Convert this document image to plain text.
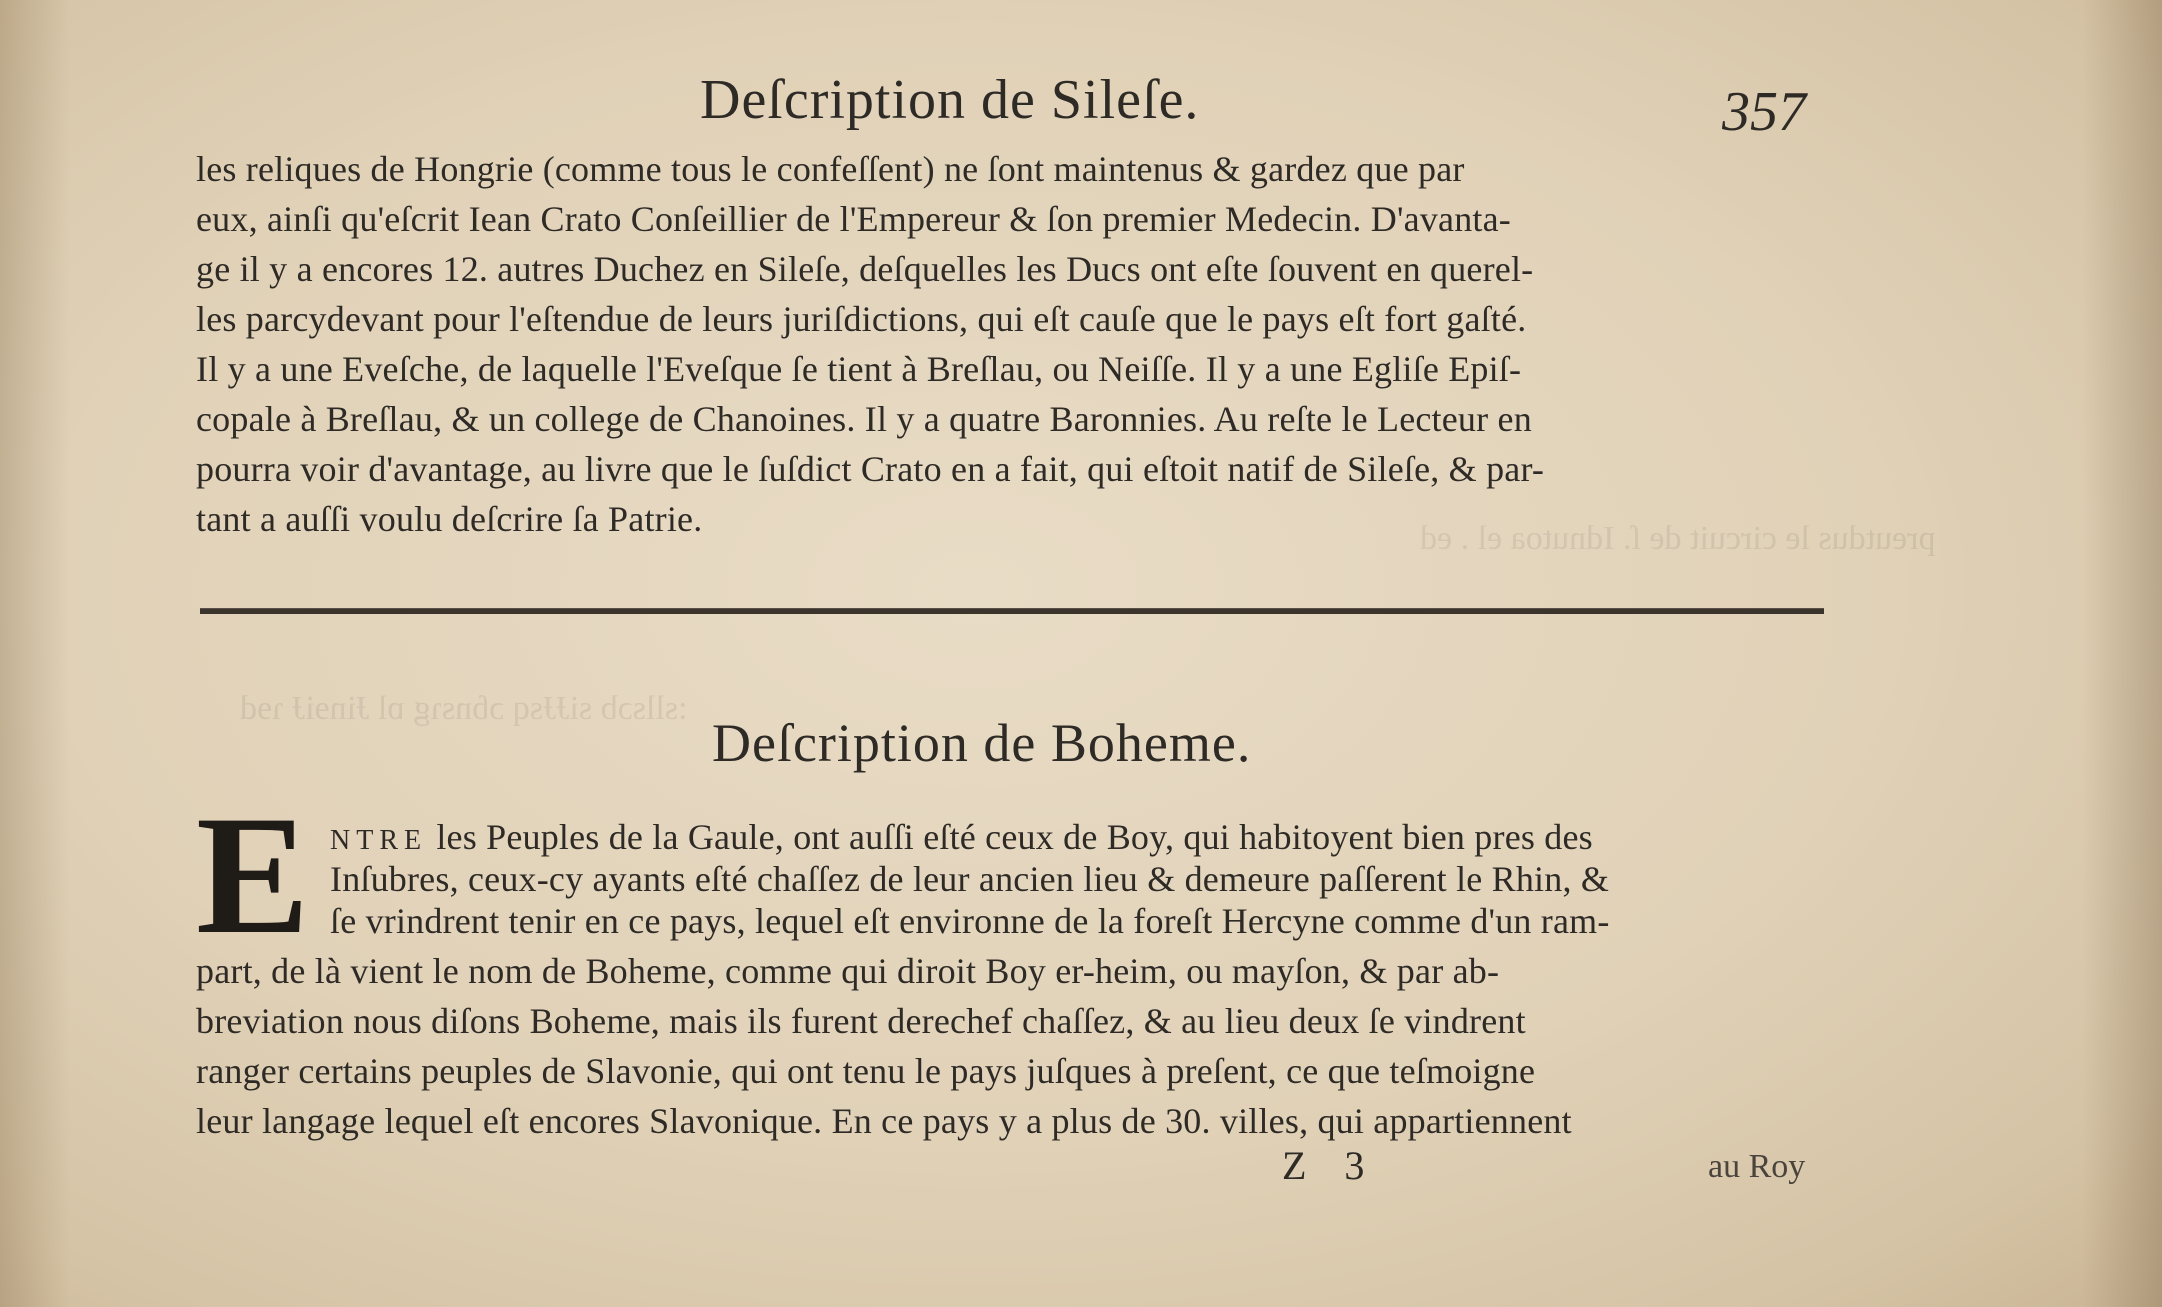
preutdus le circuit de ſ. Idnutoa el . ed
:sllsɔb siɈɈsq ɔɓnsɿg ɒl ɈinɘiɈ ɿɘd
Deſcription de Sileſe.	357
les reliques de Hongrie (comme tous le confeſſent) ne ſont maintenus & gardez que par
eux, ainſi qu'eſcrit Iean Crato Conſeillier de l'Empereur & ſon premier Medecin. D'avanta-
ge il y a encores 12. autres Duchez en Sileſe, deſquelles les Ducs ont eſte ſouvent en querel-
les parcydevant pour l'eſtendue de leurs juriſdictions, qui eſt cauſe que le pays eſt fort gaſté.
Il y a une Eveſche, de laquelle l'Eveſque ſe tient à Breſlau, ou Neiſſe. Il y a une Egliſe Epiſ-
copale à Breſlau, & un college de Chanoines. Il y a quatre Baronnies. Au reſte le Lecteur en
pourra voir d'avantage, au livre que le ſuſdict Crato en a fait, qui eſtoit natif de Sileſe, & par-
tant a auſſi voulu deſcrire ſa Patrie.
Deſcription de Boheme.
E NTRE les Peuples de la Gaule, ont auſſi eſté ceux de Boy, qui habitoyent bien pres des
Inſubres, ceux-cy ayants eſté chaſſez de leur ancien lieu & demeure paſſerent le Rhin, &
ſe vrindrent tenir en ce pays, lequel eſt environne de la foreſt Hercyne comme d'un ram-
part, de là vient le nom de Boheme, comme qui diroit Boy er-heim, ou mayſon, & par ab-
breviation nous diſons Boheme, mais ils furent derechef chaſſez, & au lieu deux ſe vindrent
ranger certains peuples de Slavonie, qui ont tenu le pays juſques à preſent, ce que teſmoigne
leur langage lequel eſt encores Slavonique. En ce pays y a plus de 30. villes, qui appartiennent
Z 3	au Roy
